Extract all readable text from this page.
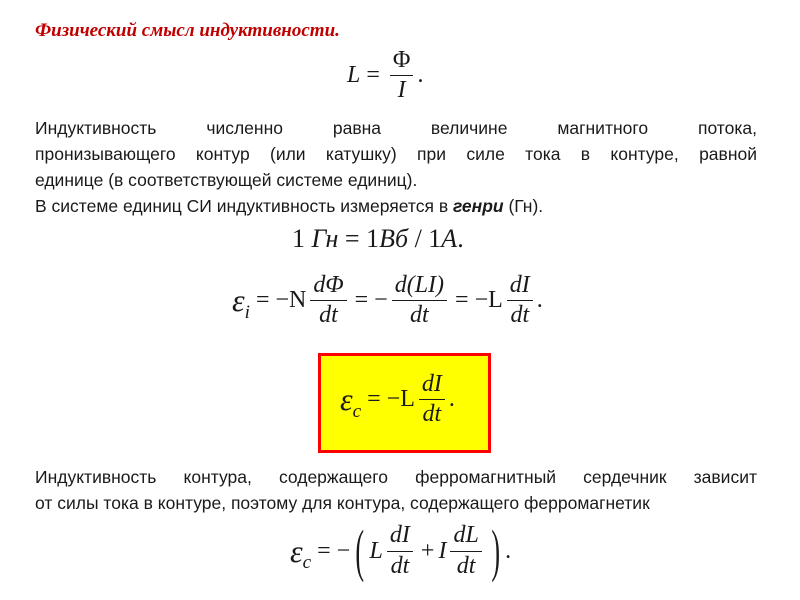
Физический смысл индуктивности.
$L = \frac{\Phi}{I}$ .
Индуктивность численно равна величине магнитного потока,
пронизывающего контур (или катушку) при силе тока в контуре, равной
единице (в соответствующей системе единиц).
В системе единиц СИ индуктивность измеряется в генри (Гн).
1 Гн = 1Вб / 1А.
$\varepsilon_i = -N \frac{d\Phi}{dt}$ = − $\frac{d(LI)}{dt} = -L \frac{dI}{dt}$ .
$\varepsilon_c = -L \frac{dI}{dt}$ .
Индуктивность контура, содержащего ферромагнитный сердечник зависит
от силы тока в контуре, поэтому для контура, содержащего ферромагнетик
$\varepsilon_c$ = − ( L $\frac{dI}{dt} + I \frac{dL}{dt}$ ) .
